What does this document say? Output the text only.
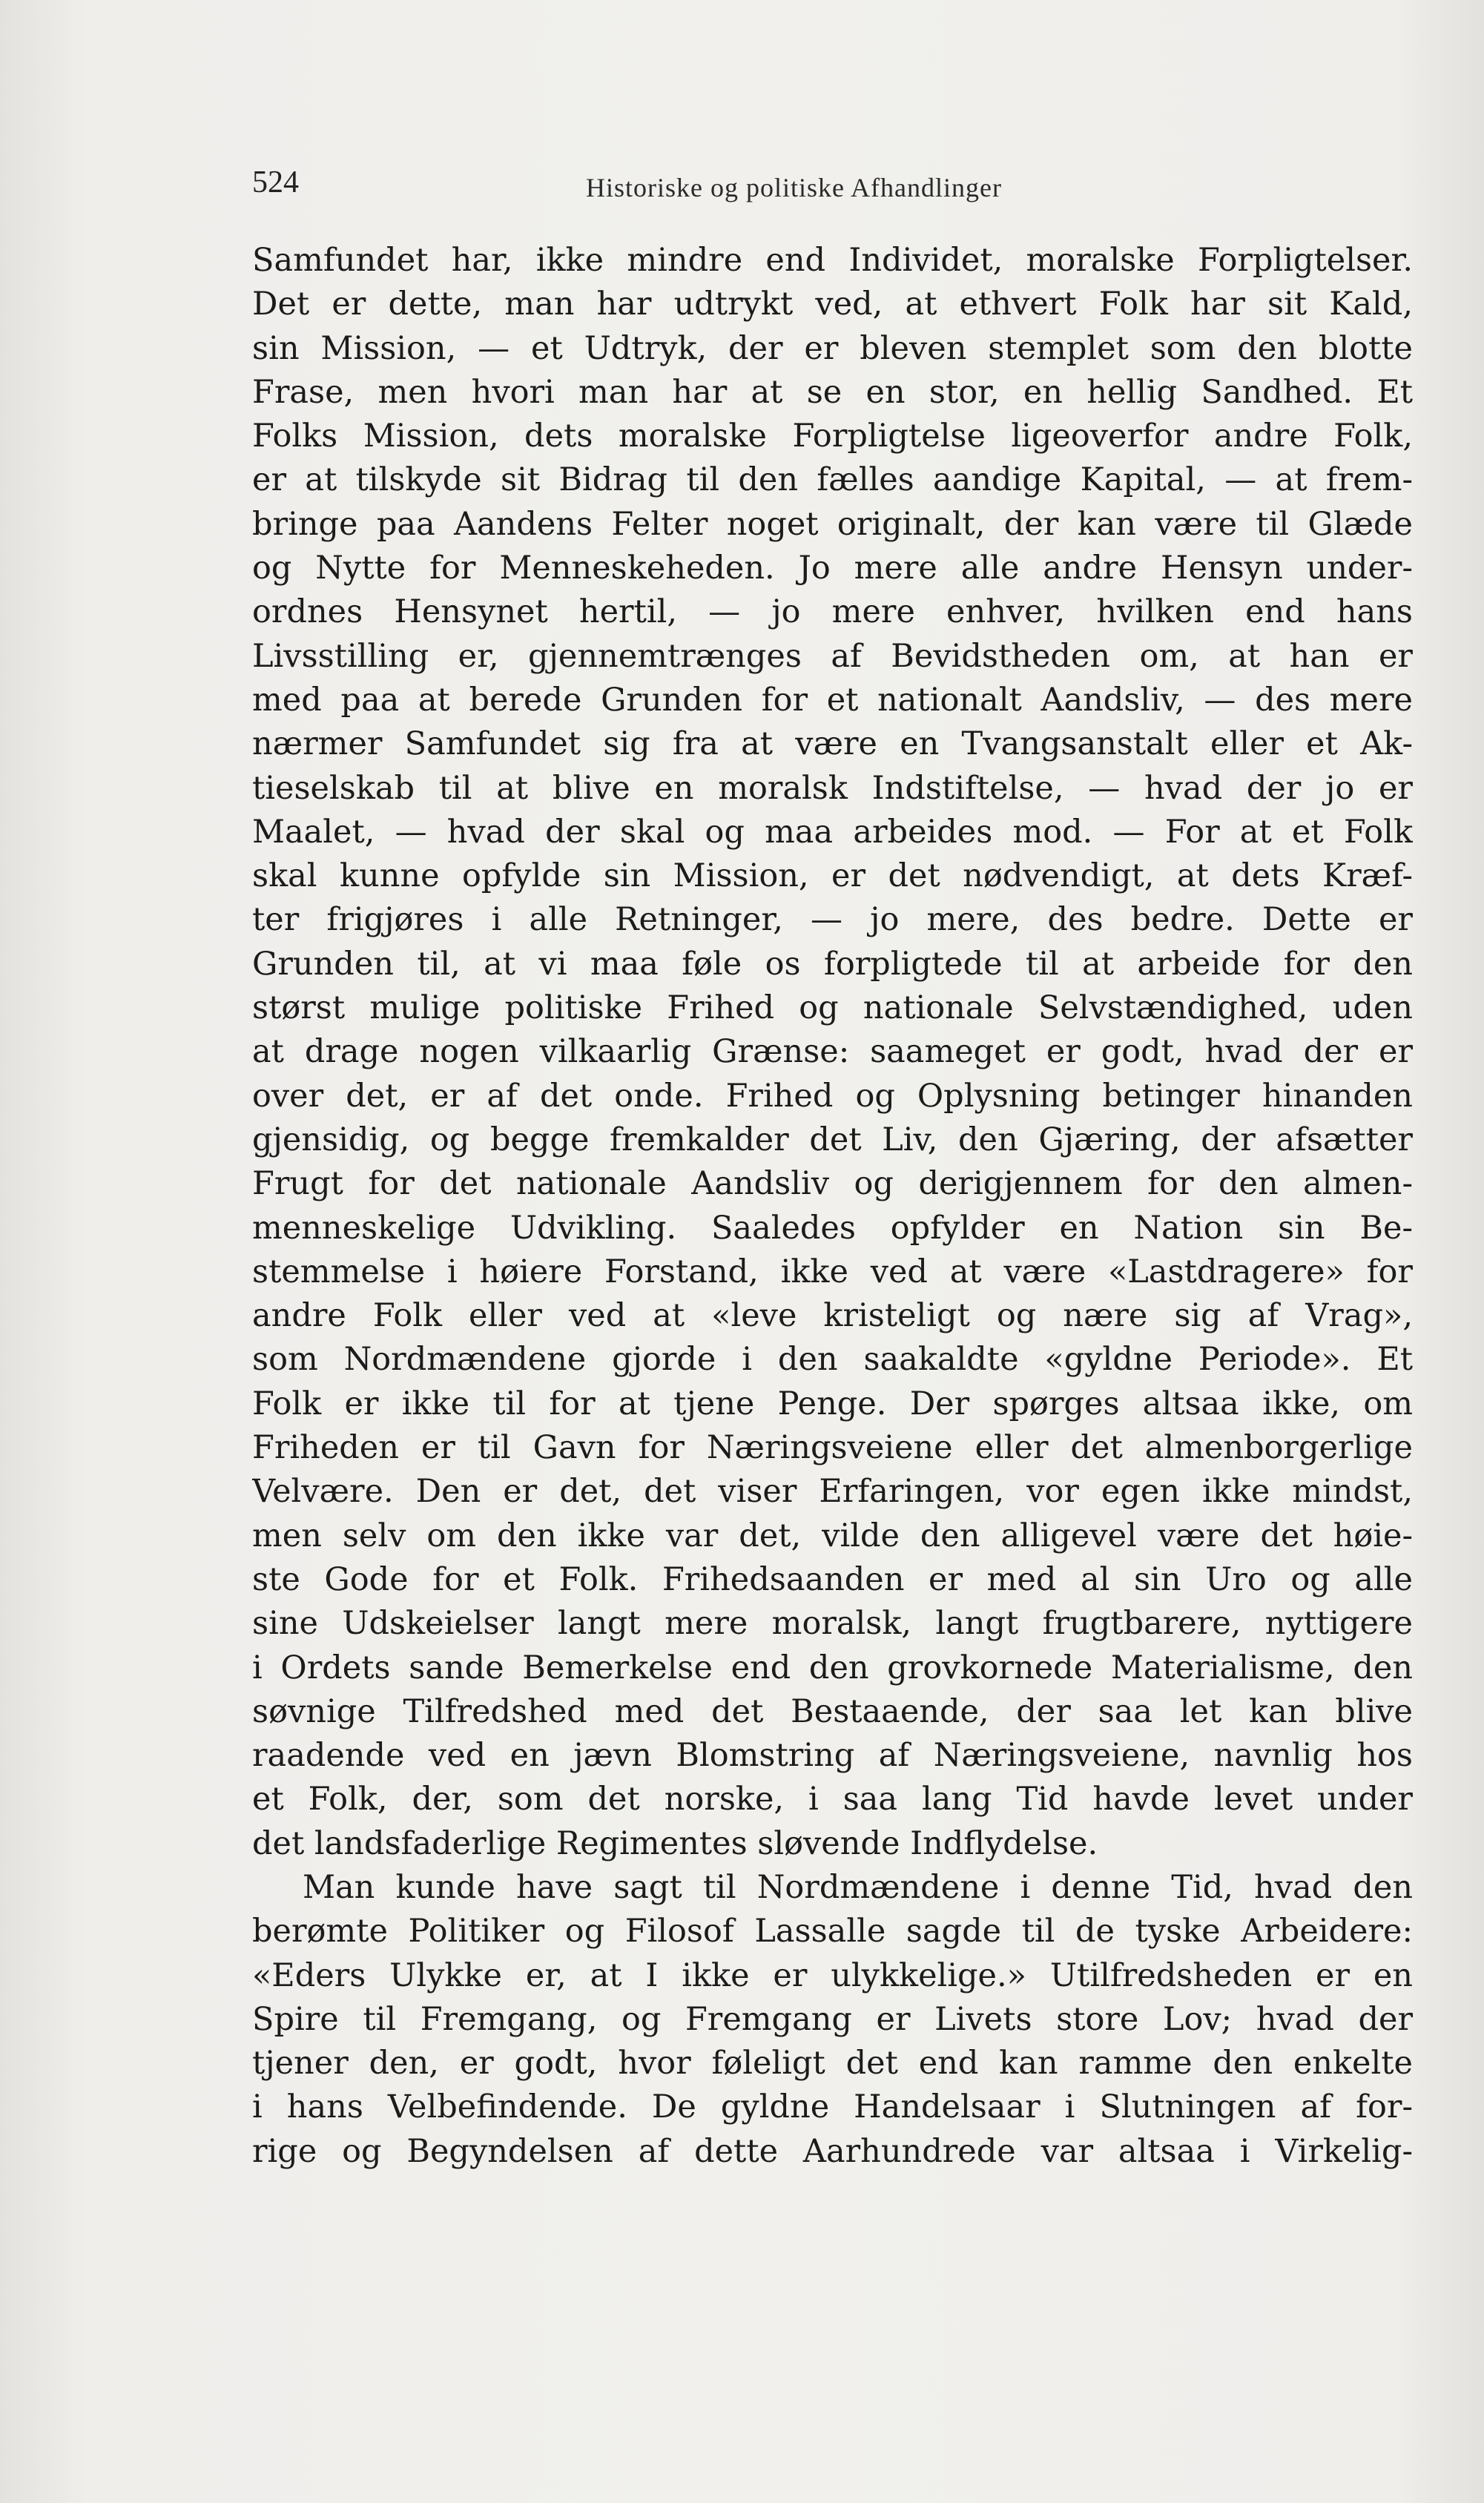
524	Historiske og politiske Afhandlinger
Samfundet har, ikke mindre end Individet, moralske Forpligtelser.
Det er dette, man har udtrykt ved, at ethvert Folk har sit Kald,
sin Mission, — et Udtryk, der er bleven stemplet som den blotte
Frase, men hvori man har at se en stor, en hellig Sandhed. Et
Folks Mission, dets moralske Forpligtelse ligeoverfor andre Folk,
er at tilskyde sit Bidrag til den fælles aandige Kapital, — at frem-
bringe paa Aandens Felter noget originalt, der kan være til Glæde
og Nytte for Menneskeheden. Jo mere alle andre Hensyn under-
ordnes Hensynet hertil, — jo mere enhver, hvilken end hans
Livsstilling er, gjennemtrænges af Bevidstheden om, at han er
med paa at berede Grunden for et nationalt Aandsliv, — des mere
nærmer Samfundet sig fra at være en Tvangsanstalt eller et Ak-
tieselskab til at blive en moralsk Indstiftelse, — hvad der jo er
Maalet, — hvad der skal og maa arbeides mod. — For at et Folk
skal kunne opfylde sin Mission, er det nødvendigt, at dets Kræf-
ter frigjøres i alle Retninger, — jo mere, des bedre. Dette er
Grunden til, at vi maa føle os forpligtede til at arbeide for den
størst mulige politiske Frihed og nationale Selvstændighed, uden
at drage nogen vilkaarlig Grænse: saameget er godt, hvad der er
over det, er af det onde. Frihed og Oplysning betinger hinanden
gjensidig, og begge fremkalder det Liv, den Gjæring, der afsætter
Frugt for det nationale Aandsliv og derigjennem for den almen-
menneskelige Udvikling. Saaledes opfylder en Nation sin Be-
stemmelse i høiere Forstand, ikke ved at være «Lastdragere» for
andre Folk eller ved at «leve kristeligt og nære sig af Vrag»,
som Nordmændene gjorde i den saakaldte «gyldne Periode». Et
Folk er ikke til for at tjene Penge. Der spørges altsaa ikke, om
Friheden er til Gavn for Næringsveiene eller det almenborgerlige
Velvære. Den er det, det viser Erfaringen, vor egen ikke mindst,
men selv om den ikke var det, vilde den alligevel være det høie-
ste Gode for et Folk. Frihedsaanden er med al sin Uro og alle
sine Udskeielser langt mere moralsk, langt frugtbarere, nyttigere
i Ordets sande Bemerkelse end den grovkornede Materialisme, den
søvnige Tilfredshed med det Bestaaende, der saa let kan blive
raadende ved en jævn Blomstring af Næringsveiene, navnlig hos
et Folk, der, som det norske, i saa lang Tid havde levet under
det landsfaderlige Regimentes sløvende Indflydelse.
Man kunde have sagt til Nordmændene i denne Tid, hvad den
berømte Politiker og Filosof Lassalle sagde til de tyske Arbeidere:
«Eders Ulykke er, at I ikke er ulykkelige.» Utilfredsheden er en
Spire til Fremgang, og Fremgang er Livets store Lov; hvad der
tjener den, er godt, hvor føleligt det end kan ramme den enkelte
i hans Velbefindende. De gyldne Handelsaar i Slutningen af for-
rige og Begyndelsen af dette Aarhundrede var altsaa i Virkelig-
